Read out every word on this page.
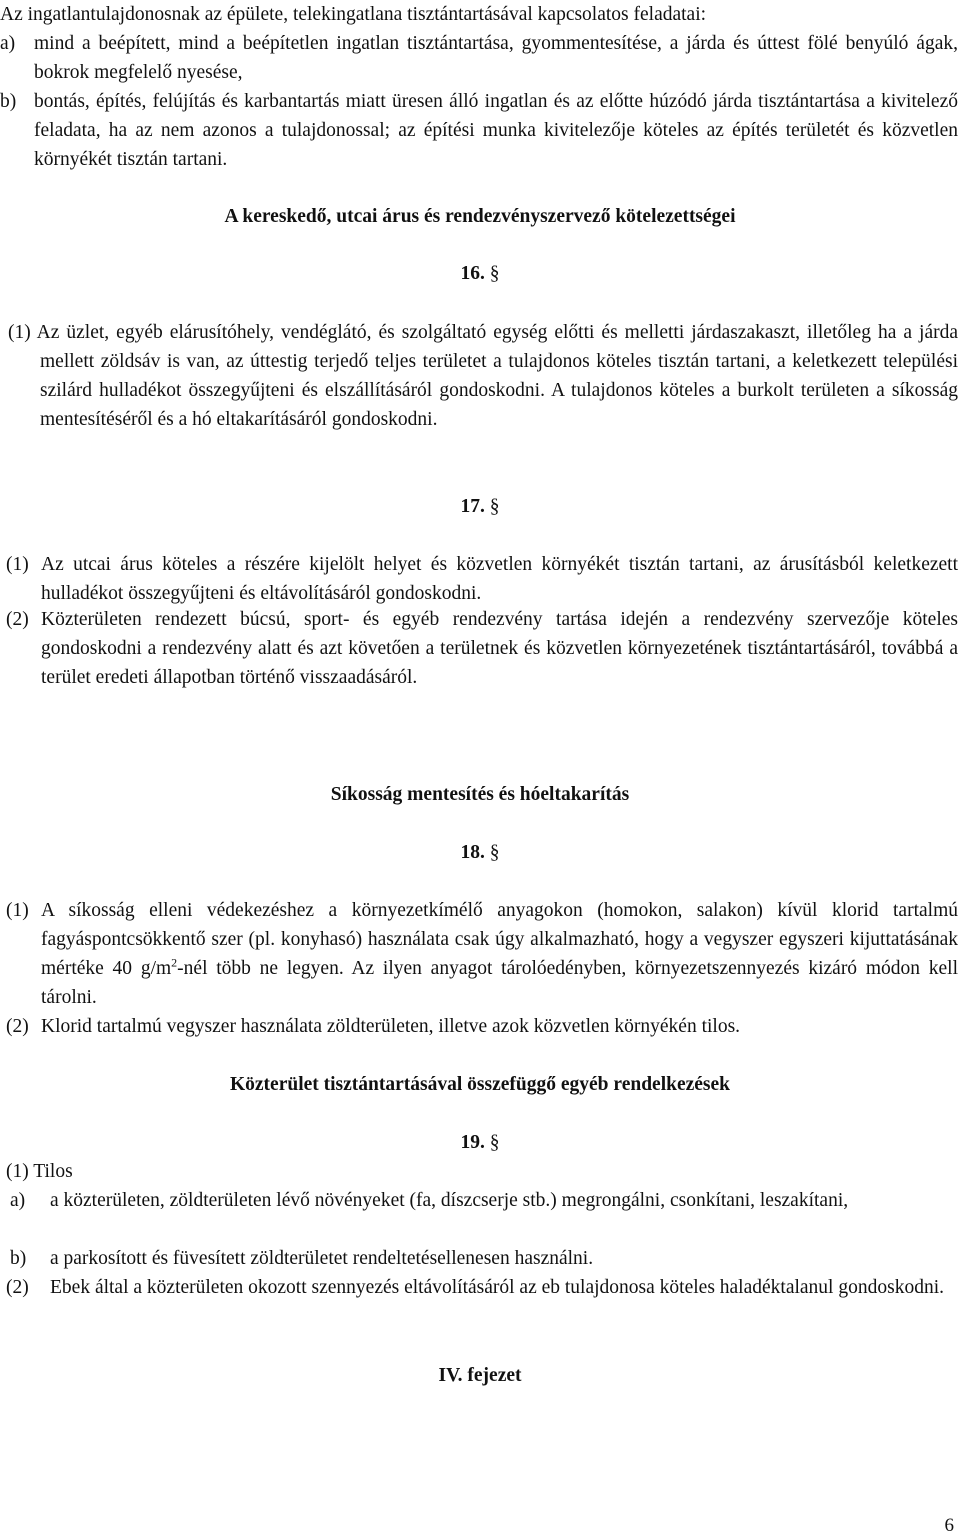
Az ingatlantulajdonosnak az épülete, telekingatlana tisztántartásával kapcsolatos feladatai:
a) mind a beépített, mind a beépítetlen ingatlan tisztántartása, gyommentesítése, a járda és úttest fölé benyúló ágak, bokrok megfelelő nyesése,
b) bontás, építés, felújítás és karbantartás miatt üresen álló ingatlan és az előtte húzódó járda tisztántartása a kivitelező feladata, ha az nem azonos a tulajdonossal; az építési munka kivitelezője köteles az építés területét és közvetlen környékét tisztán tartani.
A kereskedő, utcai árus és rendezvényszervező kötelezettségei
16. §
(1) Az üzlet, egyéb elárusítóhely, vendéglátó, és szolgáltató egység előtti és melletti járdaszakaszt, illetőleg ha a járda mellett zöldsáv is van, az úttestig terjedő teljes területet a tulajdonos köteles tisztán tartani, a keletkezett települési szilárd hulladékot összegyűjteni és elszállításáról gondoskodni. A tulajdonos köteles a burkolt területen a síkosság mentesítéséről és a hó eltakarításáról gondoskodni.
17. §
(1) Az utcai árus köteles a részére kijelölt helyet és közvetlen környékét tisztán tartani, az árusításból keletkezett hulladékot összegyűjteni és eltávolításáról gondoskodni.
(2) Közterületen rendezett búcsú, sport- és egyéb rendezvény tartása idején a rendezvény szervezője köteles gondoskodni a rendezvény alatt és azt követően a területnek és közvetlen környezetének tisztántartásáról, továbbá a terület eredeti állapotban történő visszaadásáról.
Síkosság mentesítés és hóeltakarítás
18. §
(1) A síkosság elleni védekezéshez a környezetkímélő anyagokon (homokon, salakon) kívül klorid tartalmú fagyáspontcsökkentő szer (pl. konyhasó) használata csak úgy alkalmazható, hogy a vegyszer egyszeri kijuttatásának mértéke 40 $g/m^2$-nél több ne legyen. Az ilyen anyagot tárolóedényben, környezetszennyezés kizáró módon kell tárolni.
(2) Klorid tartalmú vegyszer használata zöldterületen, illetve azok közvetlen környékén tilos.
Közterület tisztántartásával összefüggő egyéb rendelkezések
19. §
(1) Tilos
a)	a közterületen, zöldterületen lévő növényeket (fa, díszcserje stb.) megrongálni, csonkítani, leszakítani,
b)	a parkosított és füvesített zöldterületet rendeltetésellenesen használni.
(2)	Ebek által a közterületen okozott szennyezés eltávolításáról az eb tulajdonosa köteles haladéktalanul gondoskodni.
IV. fejezet
6
